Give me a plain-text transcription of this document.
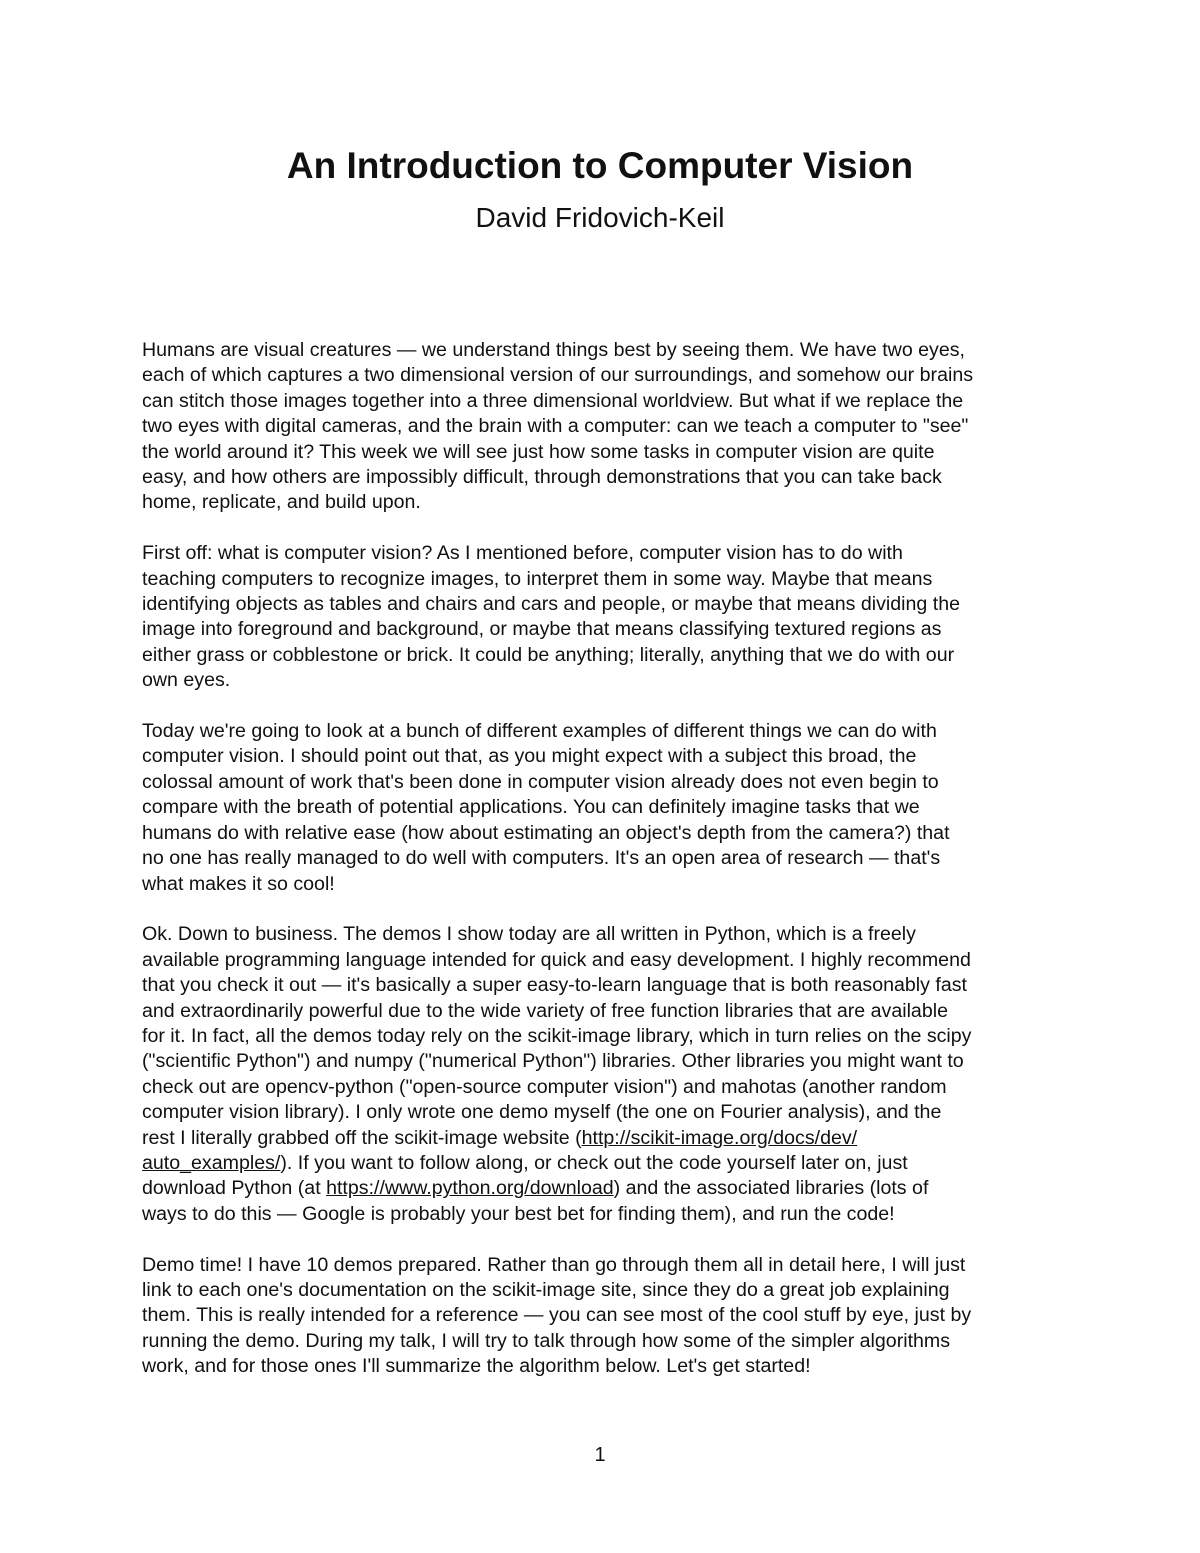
An Introduction to Computer Vision
David Fridovich-Keil

Humans are visual creatures — we understand things best by seeing them. We have two eyes,
each of which captures a two dimensional version of our surroundings, and somehow our brains
can stitch those images together into a three dimensional worldview. But what if we replace the
two eyes with digital cameras, and the brain with a computer: can we teach a computer to "see"
the world around it? This week we will see just how some tasks in computer vision are quite
easy, and how others are impossibly difficult, through demonstrations that you can take back
home, replicate, and build upon.

First off: what is computer vision? As I mentioned before, computer vision has to do with
teaching computers to recognize images, to interpret them in some way. Maybe that means
identifying objects as tables and chairs and cars and people, or maybe that means dividing the
image into foreground and background, or maybe that means classifying textured regions as
either grass or cobblestone or brick. It could be anything; literally, anything that we do with our
own eyes.

Today we're going to look at a bunch of different examples of different things we can do with
computer vision. I should point out that, as you might expect with a subject this broad, the
colossal amount of work that's been done in computer vision already does not even begin to
compare with the breath of potential applications. You can definitely imagine tasks that we
humans do with relative ease (how about estimating an object's depth from the camera?) that
no one has really managed to do well with computers. It's an open area of research — that's
what makes it so cool!

Ok. Down to business. The demos I show today are all written in Python, which is a freely
available programming language intended for quick and easy development. I highly recommend
that you check it out — it's basically a super easy-to-learn language that is both reasonably fast
and extraordinarily powerful due to the wide variety of free function libraries that are available
for it. In fact, all the demos today rely on the scikit-image library, which in turn relies on the scipy
("scientific Python") and numpy ("numerical Python") libraries. Other libraries you might want to
check out are opencv-python ("open-source computer vision") and mahotas (another random
computer vision library). I only wrote one demo myself (the one on Fourier analysis), and the
rest I literally grabbed off the scikit-image website (http://scikit-image.org/docs/dev/
auto_examples/). If you want to follow along, or check out the code yourself later on, just
download Python (at https://www.python.org/download) and the associated libraries (lots of
ways to do this — Google is probably your best bet for finding them), and run the code!

Demo time! I have 10 demos prepared. Rather than go through them all in detail here, I will just
link to each one's documentation on the scikit-image site, since they do a great job explaining
them. This is really intended for a reference — you can see most of the cool stuff by eye, just by
running the demo. During my talk, I will try to talk through how some of the simpler algorithms
work, and for those ones I'll summarize the algorithm below. Let's get started!

1
